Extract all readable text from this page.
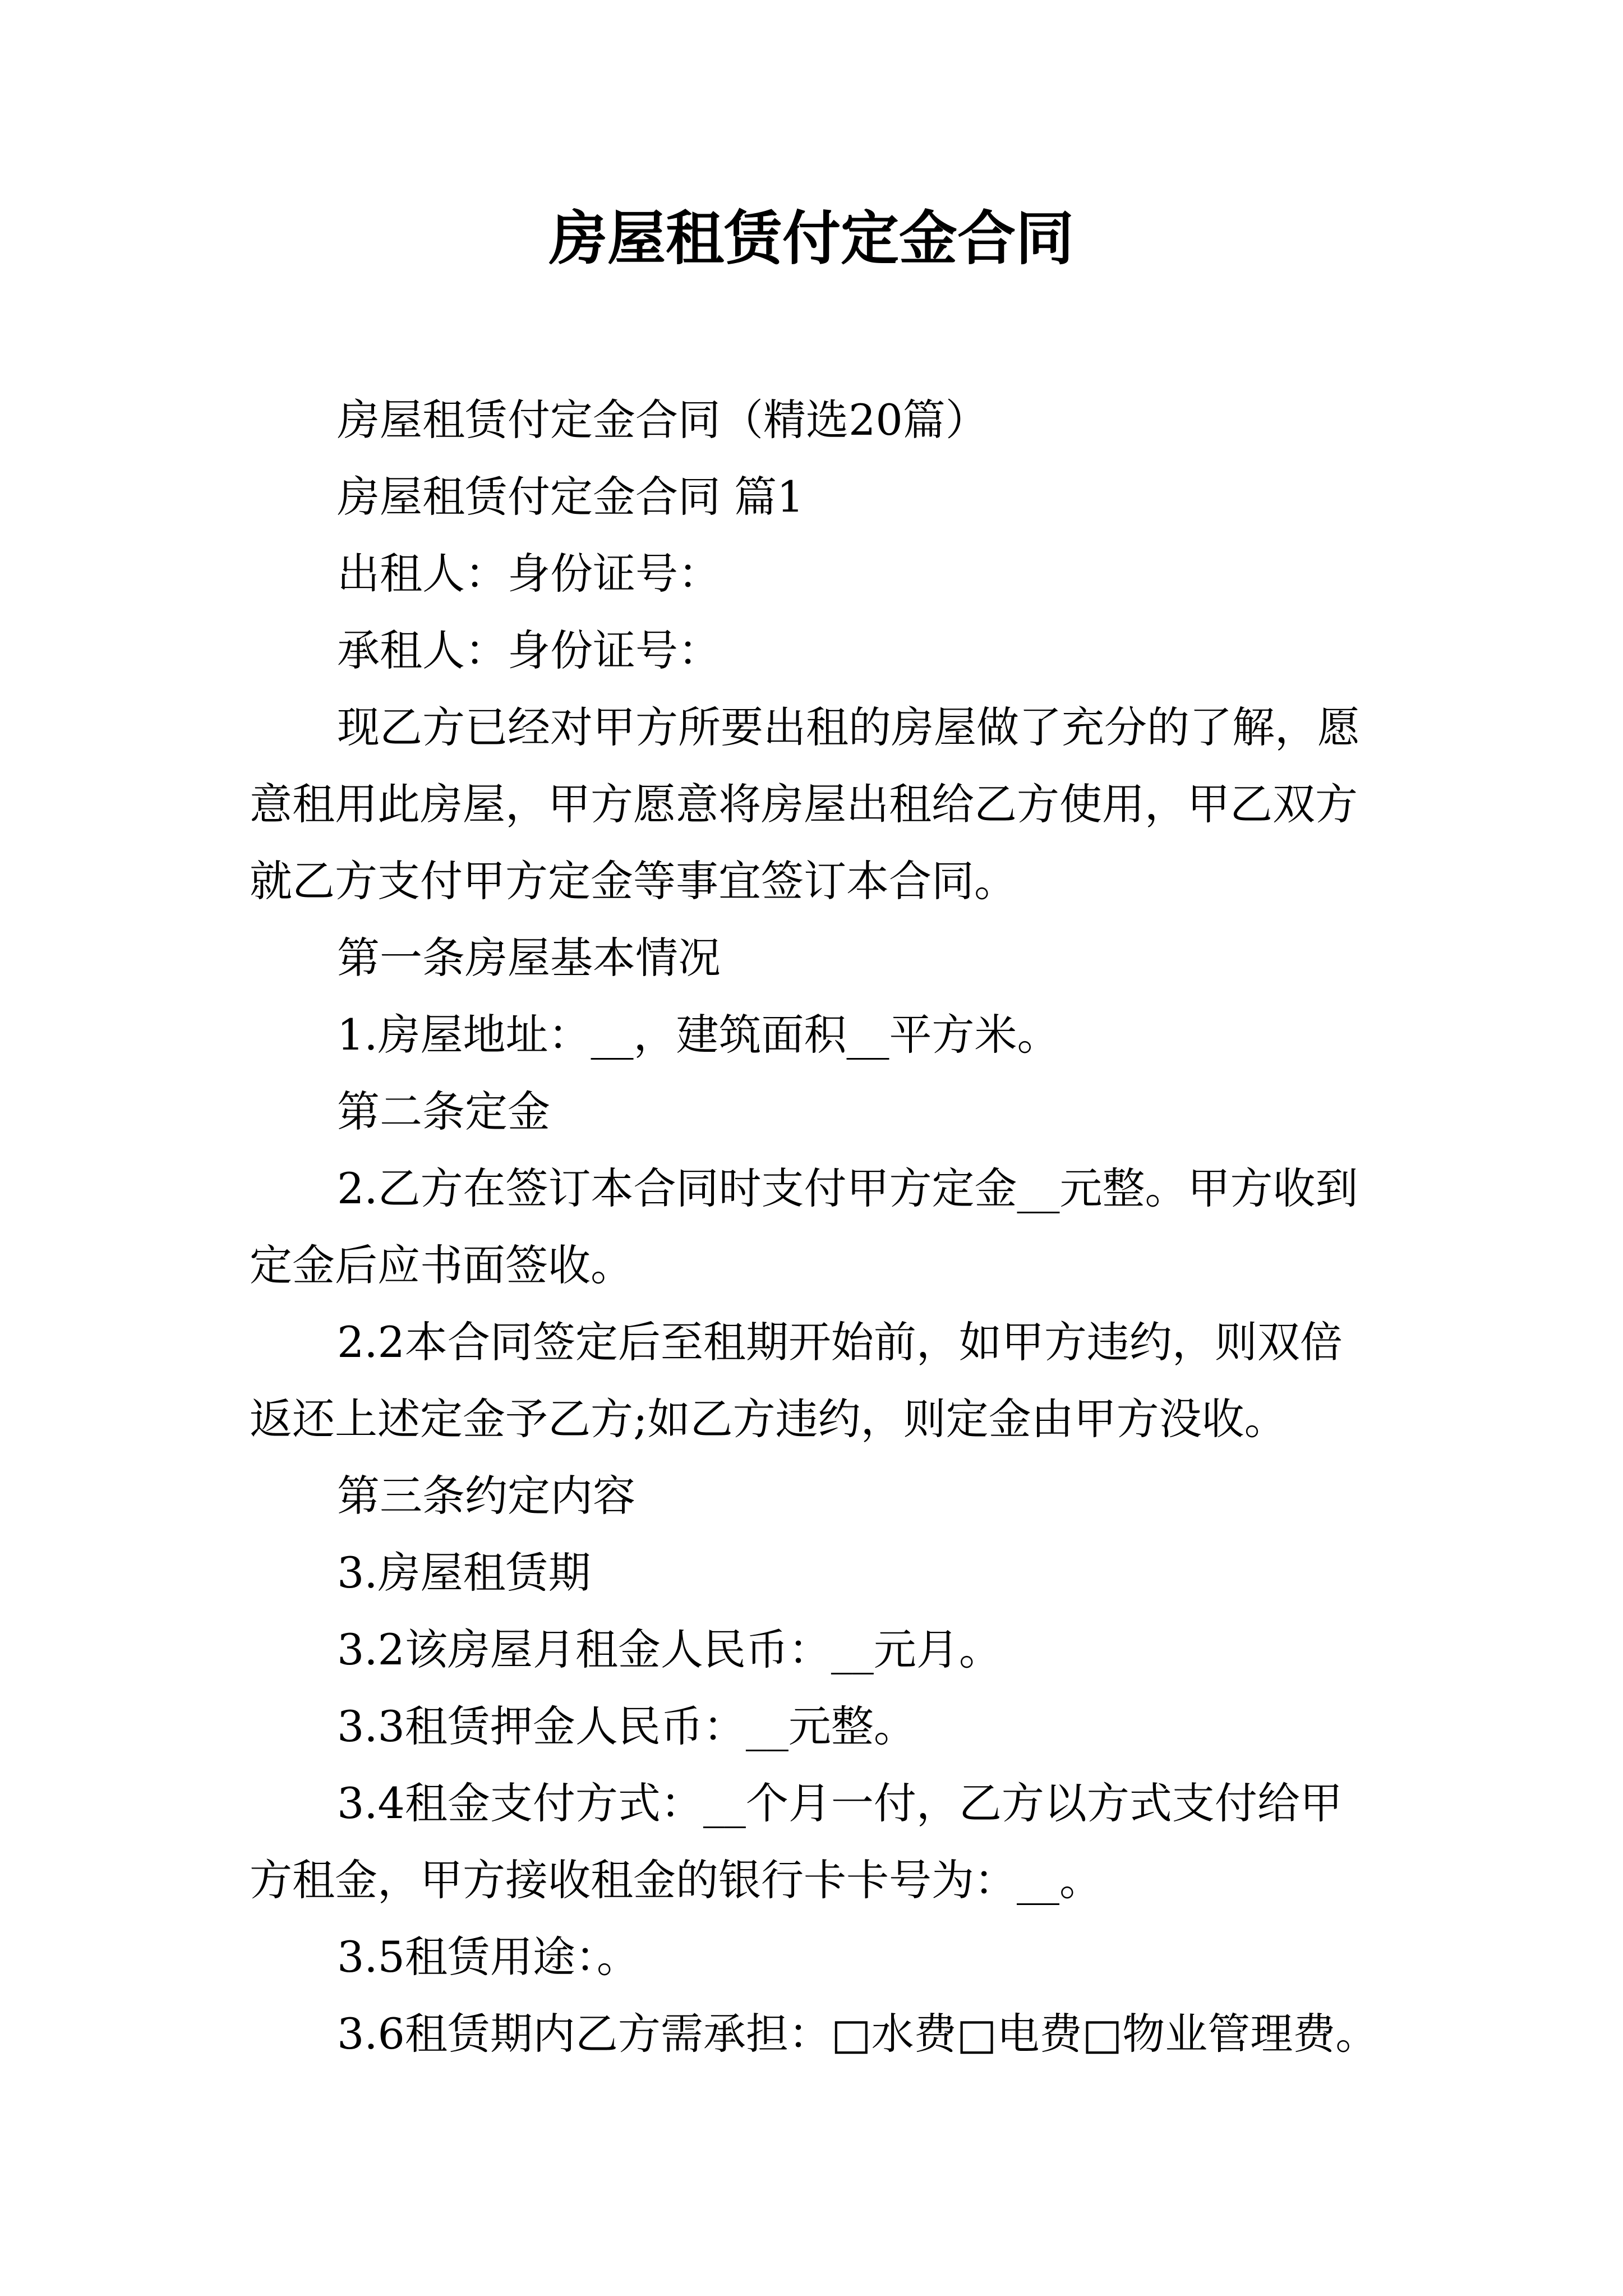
房屋租赁付定金合同

房屋租赁付定金合同（精选20篇）

房屋租赁付定金合同 篇1

出租人：身份证号：

承租人：身份证号：

现乙方已经对甲方所要出租的房屋做了充分的了解，愿意租用此房屋，甲方愿意将房屋出租给乙方使用，甲乙双方就乙方支付甲方定金等事宜签订本合同。

第一条房屋基本情况

1.房屋地址：__，建筑面积__平方米。

第二条定金

2.乙方在签订本合同时支付甲方定金__元整。甲方收到定金后应书面签收。

2.2本合同签定后至租期开始前，如甲方违约，则双倍返还上述定金予乙方;如乙方违约，则定金由甲方没收。

第三条约定内容

3.房屋租赁期

3.2该房屋月租金人民币：__元月。

3.3租赁押金人民币：__元整。

3.4租金支付方式：__个月一付，乙方以方式支付给甲方租金，甲方接收租金的银行卡卡号为：__。

3.5租赁用途：。

3.6租赁期内乙方需承担：□水费□电费□物业管理费。
